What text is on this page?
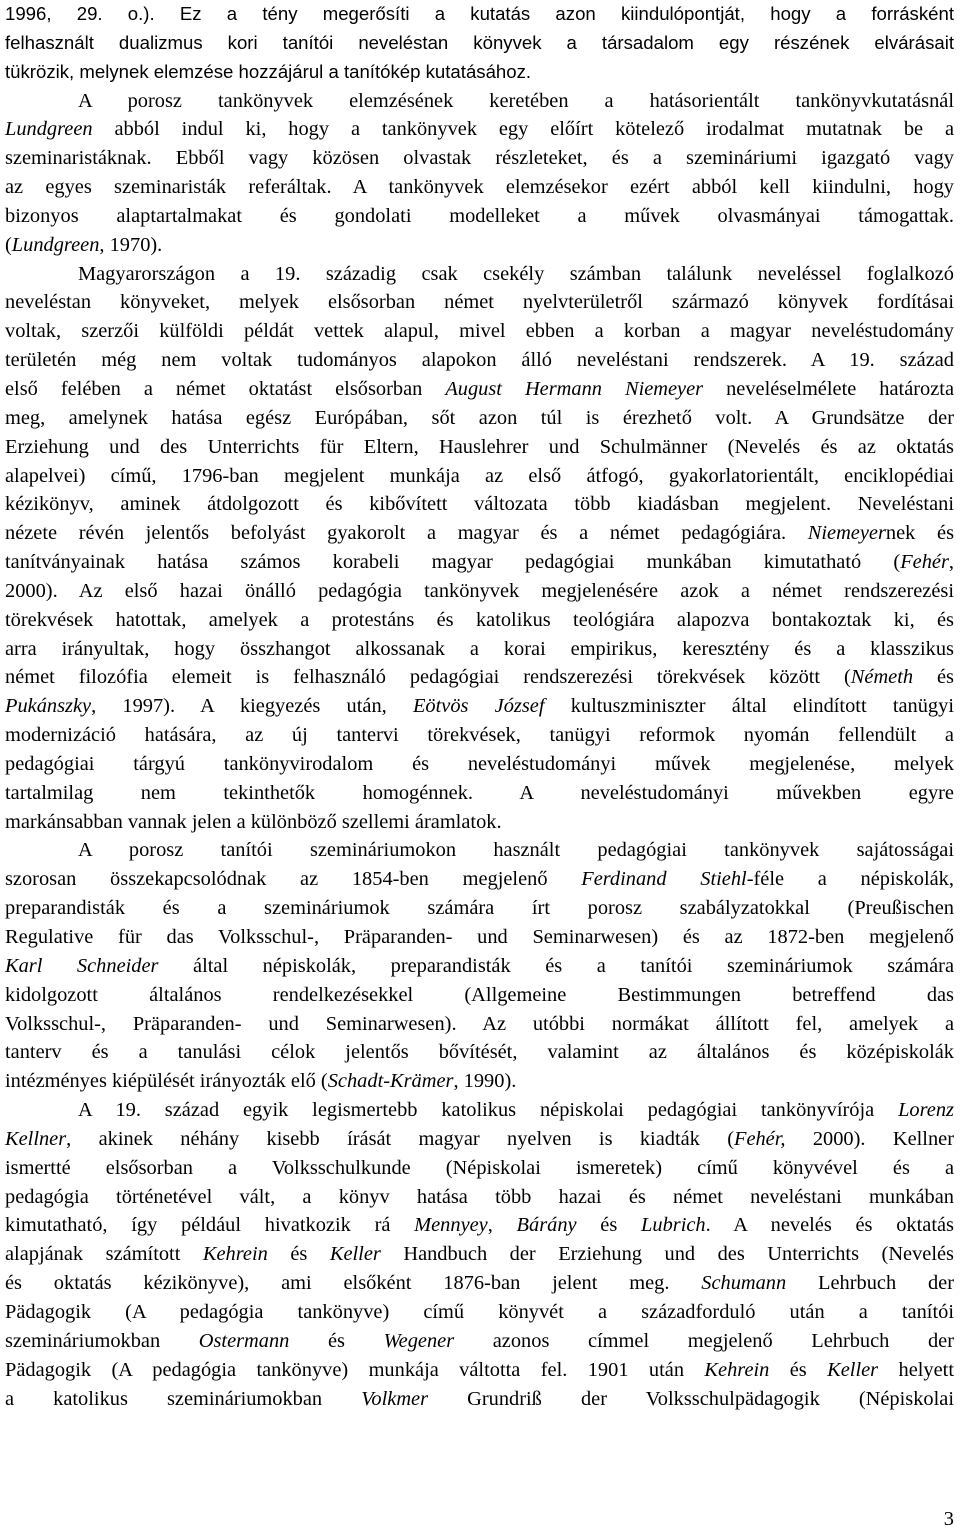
1996, 29. o.). Ez a tény megerősíti a kutatás azon kiindulópontját, hogy a forrásként
felhasznált dualizmus kori tanítói neveléstan könyvek a társadalom egy részének elvárásait
tükrözik, melynek elemzése hozzájárul a tanítókép kutatásához.
A porosz tankönyvek elemzésének keretében a hatásorientált tankönyvkutatásnál
Lundgreen abból indul ki, hogy a tankönyvek egy előírt kötelező irodalmat mutatnak be a
szeminaristáknak. Ebből vagy közösen olvastak részleteket, és a szemináriumi igazgató vagy
az egyes szeminaristák referáltak. A tankönyvek elemzésekor ezért abból kell kiindulni, hogy
bizonyos alaptartalmakat és gondolati modelleket a művek olvasmányai támogattak.
(Lundgreen, 1970).
Magyarországon a 19. századig csak csekély számban találunk neveléssel foglalkozó
neveléstan könyveket, melyek elsősorban német nyelvterületről származó könyvek fordításai
voltak, szerzői külföldi példát vettek alapul, mivel ebben a korban a magyar neveléstudomány
területén még nem voltak tudományos alapokon álló neveléstani rendszerek. A 19. század
első felében a német oktatást elsősorban August Hermann Niemeyer neveléselmélete határozta
meg, amelynek hatása egész Európában, sőt azon túl is érezhető volt. A Grundsätze der
Erziehung und des Unterrichts für Eltern, Hauslehrer und Schulmänner (Nevelés és az oktatás
alapelvei) című, 1796-ban megjelent munkája az első átfogó, gyakorlatorientált, enciklopédiai
kézikönyv, aminek átdolgozott és kibővített változata több kiadásban megjelent. Neveléstani
nézete révén jelentős befolyást gyakorolt a magyar és a német pedagógiára. Niemeyernek és
tanítványainak hatása számos korabeli magyar pedagógiai munkában kimutatható (Fehér,
2000). Az első hazai önálló pedagógia tankönyvek megjelenésére azok a német rendszerezési
törekvések hatottak, amelyek a protestáns és katolikus teológiára alapozva bontakoztak ki, és
arra irányultak, hogy összhangot alkossanak a korai empirikus, keresztény és a klasszikus
német filozófia elemeit is felhasználó pedagógiai rendszerezési törekvések között (Németh és
Pukánszky, 1997). A kiegyezés után, Eötvös József kultuszminiszter által elindított tanügyi
modernizáció hatására, az új tantervi törekvések, tanügyi reformok nyomán fellendült a
pedagógiai tárgyú tankönyvirodalom és neveléstudományi művek megjelenése, melyek
tartalmilag nem tekinthetők homogénnek. A neveléstudományi művekben egyre
markánsabban vannak jelen a különböző szellemi áramlatok.
A porosz tanítói szemináriumokon használt pedagógiai tankönyvek sajátosságai
szorosan összekapcsolódnak az 1854-ben megjelenő Ferdinand Stiehl-féle a népiskolák,
preparandisták és a szemináriumok számára írt porosz szabályzatokkal (Preußischen
Regulative für das Volksschul-, Präparanden- und Seminarwesen) és az 1872-ben megjelenő
Karl Schneider által népiskolák, preparandisták és a tanítói szemináriumok számára
kidolgozott általános rendelkezésekkel (Allgemeine Bestimmungen betreffend das
Volksschul-, Präparanden- und Seminarwesen). Az utóbbi normákat állított fel, amelyek a
tanterv és a tanulási célok jelentős bővítését, valamint az általános és középiskolák
intézményes kiépülését irányozták elő (Schadt-Krämer, 1990).
A 19. század egyik legismertebb katolikus népiskolai pedagógiai tankönyvírója Lorenz
Kellner, akinek néhány kisebb írását magyar nyelven is kiadták (Fehér, 2000). Kellner
ismertté elsősorban a Volksschulkunde (Népiskolai ismeretek) című könyvével és a
pedagógia történetével vált, a könyv hatása több hazai és német neveléstani munkában
kimutatható, így például hivatkozik rá Mennyey, Bárány és Lubrich. A nevelés és oktatás
alapjának számított Kehrein és Keller Handbuch der Erziehung und des Unterrichts (Nevelés
és oktatás kézikönyve), ami elsőként 1876-ban jelent meg. Schumann Lehrbuch der
Pädagogik (A pedagógia tankönyve) című könyvét a századforduló után a tanítói
szemináriumokban Ostermann és Wegener azonos címmel megjelenő Lehrbuch der
Pädagogik (A pedagógia tankönyve) munkája váltotta fel. 1901 után Kehrein és Keller helyett
a katolikus szemináriumokban Volkmer Grundriß der Volksschulpädagogik (Népiskolai
3
